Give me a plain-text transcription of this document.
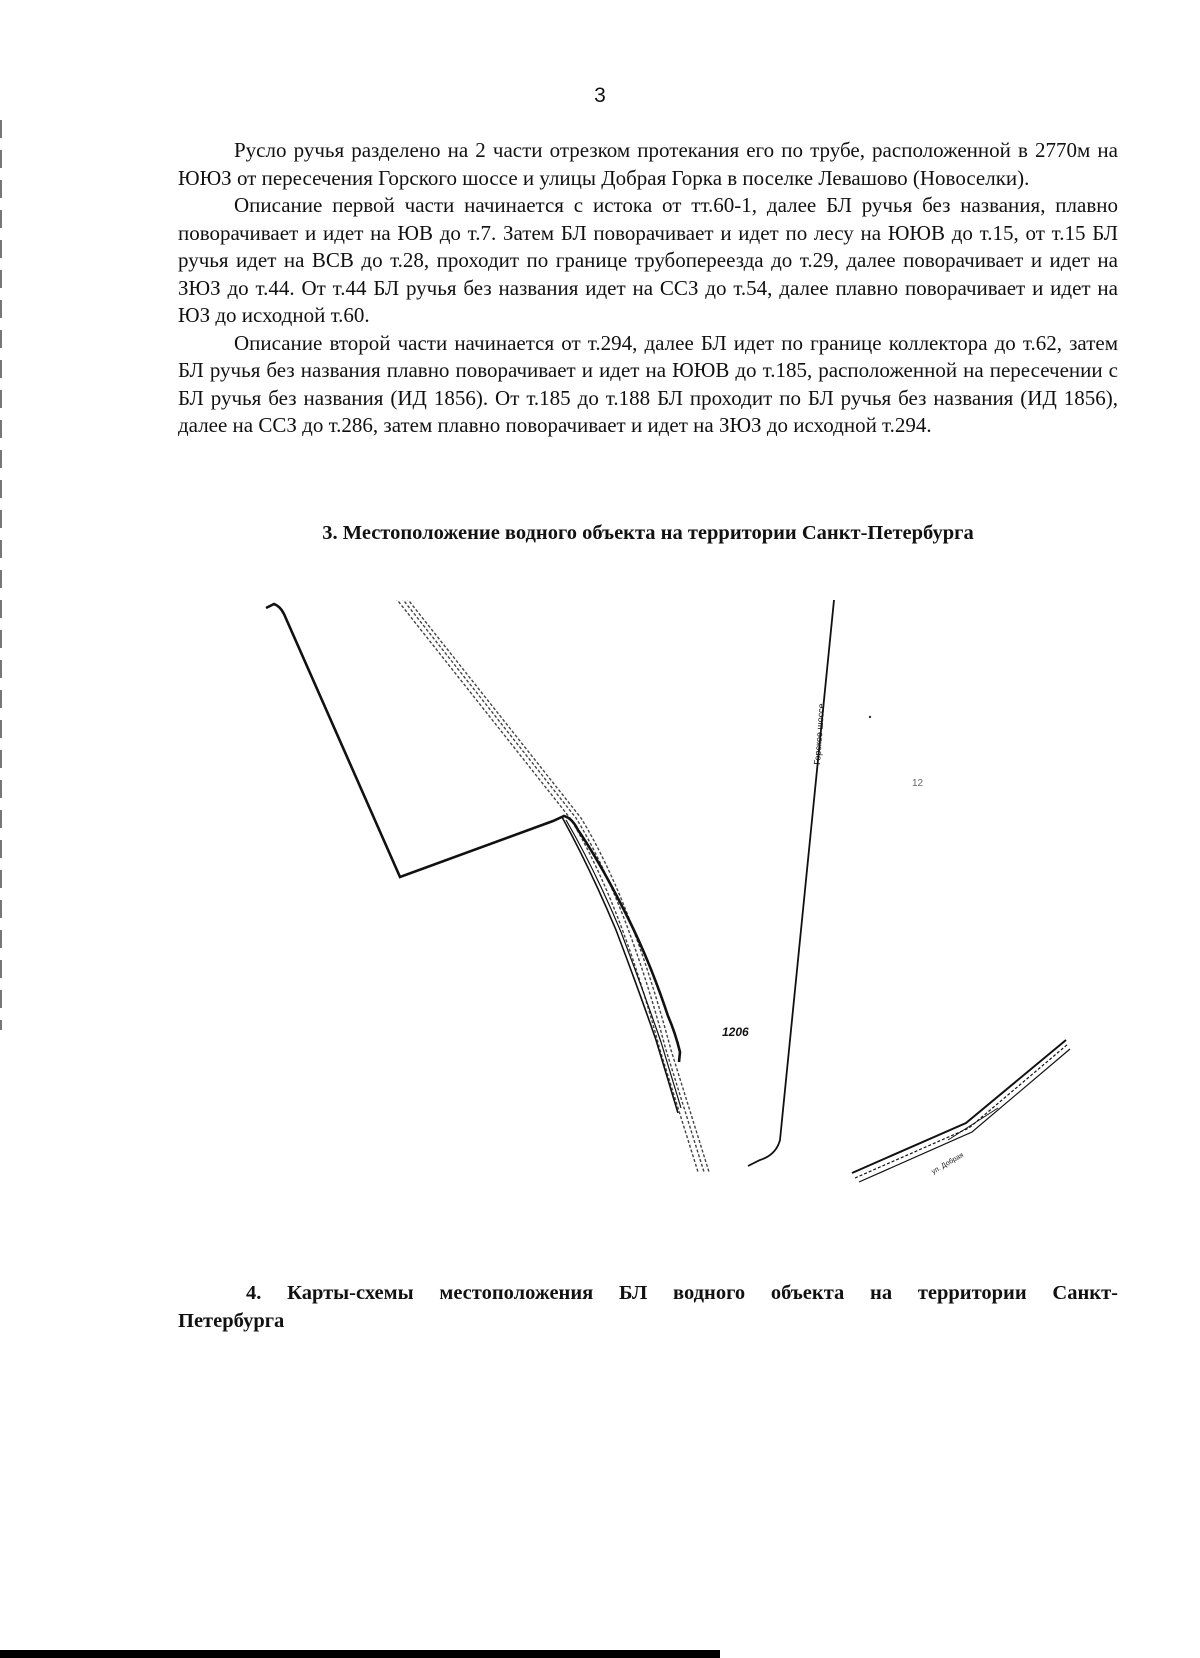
3

Русло ручья разделено на 2 части отрезком протекания его по трубе, расположенной в 2770м на ЮЮЗ от пересечения Горского шоссе и улицы Добрая Горка в поселке Левашово (Новоселки).

Описание первой части начинается с истока от тт.60-1, далее БЛ ручья без названия, плавно поворачивает и идет на ЮВ до т.7. Затем БЛ поворачивает и идет по лесу на ЮЮВ до т.15, от т.15 БЛ ручья идет на ВСВ до т.28, проходит по границе трубопереезда до т.29, далее поворачивает и идет на ЗЮЗ до т.44. От т.44 БЛ ручья без названия идет на ССЗ до т.54, далее плавно поворачивает и идет на ЮЗ до исходной т.60.

Описание второй части начинается от т.294, далее БЛ идет по границе коллектора до т.62, затем БЛ ручья без названия плавно поворачивает и идет на ЮЮВ до т.185, расположенной на пересечении с БЛ ручья без названия (ИД 1856). От т.185 до т.188 БЛ проходит по БЛ ручья без названия (ИД 1856), далее на ССЗ до т.286, затем плавно поворачивает и идет на ЗЮЗ до исходной т.294.

3. Местоположение водного объекта на территории Санкт-Петербурга
Горское шоссе
1206
12
ул. Добрая
4. Карты-схемы местоположения БЛ водного объекта на территории Санкт-Петербурга
